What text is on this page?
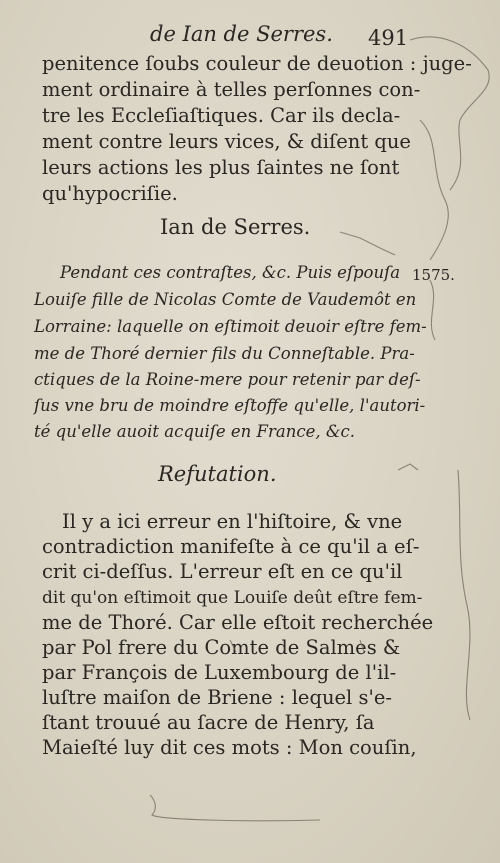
de Ian de Serres. 491
penitence ſoubs couleur de deuotion : juge-
ment ordinaire à telles perſonnes con-
tre les Eccleſiaſtiques. Car ils decla-
ment contre leurs vices, & diſent que
leurs actions les plus ſaintes ne ſont
qu'hypocriſie.
Ian de Serres.
Pendant ces contraſtes, &c. Puis eſpouſa
Louiſe fille de Nicolas Comte de Vaudemôt en
Lorraine: laquelle on eſtimoit deuoir eſtre fem-
me de Thoré dernier fils du Conneſtable. Pra-
ctiques de la Roine-mere pour retenir par deſ-
ſus vne bru de moindre eſtoffe qu'elle, l'autori-
té qu'elle auoit acquiſe en France, &c.
1575.
Refutation.
Il y a ici erreur en l'hiſtoire, & vne
contradiction manifeſte à ce qu'il a eſ-
crit ci-deſſus. L'erreur eſt en ce qu'il
dit qu'on eſtimoit que Louiſe deût eſtre fem-
me de Thoré. Car elle eſtoit recherchée
par Pol frere du Comte de Salmes &
par François de Luxembourg de l'il-
luſtre maiſon de Briene : lequel s'e-
ſtant trouué au ſacre de Henry, ſa
Maieſté luy dit ces mots : Mon couſin,
